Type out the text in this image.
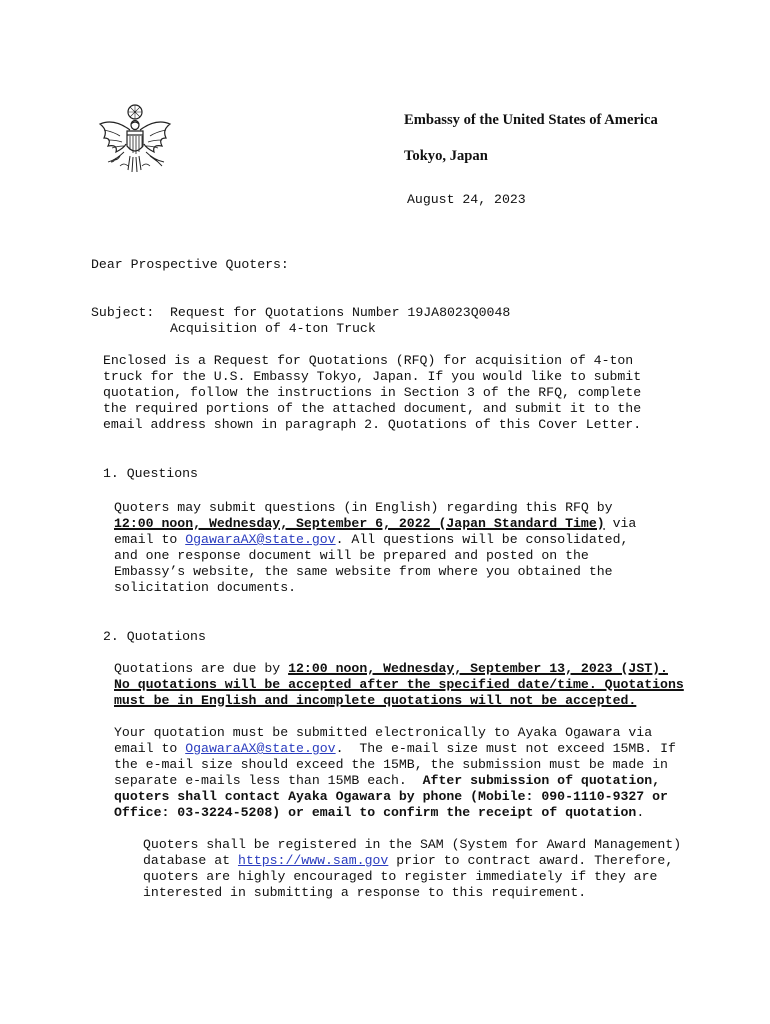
Embassy of the United States of America
Tokyo, Japan
August 24, 2023
Dear Prospective Quoters:
Subject: Request for Quotations Number 19JA8023Q0048
Acquisition of 4-ton Truck

Enclosed is a Request for Quotations (RFQ) for acquisition of 4-ton

truck for the U.S. Embassy Tokyo, Japan. If you would like to submit

quotation, follow the instructions in Section 3 of the RFQ, complete

the required portions of the attached document, and submit it to the

email address shown in paragraph 2. Quotations of this Cover Letter.

1. Questions

Quoters may submit questions (in English) regarding this RFQ by

12:00 noon, Wednesday, September 6, 2022 (Japan Standard Time) via

email to OgawaraAX@state.gov. All questions will be consolidated,

and one response document will be prepared and posted on the

Embassy’s website, the same website from where you obtained the

solicitation documents.

2. Quotations

Quotations are due by 12:00 noon, Wednesday, September 13, 2023 (JST).

No quotations will be accepted after the specified date/time. Quotations

must be in English and incomplete quotations will not be accepted.

Your quotation must be submitted electronically to Ayaka Ogawara via

email to OgawaraAX@state.gov.  The e-mail size must not exceed 15MB. If

the e-mail size should exceed the 15MB, the submission must be made in

separate e-mails less than 15MB each.  After submission of quotation,

quoters shall contact Ayaka Ogawara by phone (Mobile: 090-1110-9327 or

Office: 03-3224-5208) or email to confirm the receipt of quotation.

Quoters shall be registered in the SAM (System for Award Management)

database at https://www.sam.gov prior to contract award. Therefore,

quoters are highly encouraged to register immediately if they are

interested in submitting a response to this requirement.
